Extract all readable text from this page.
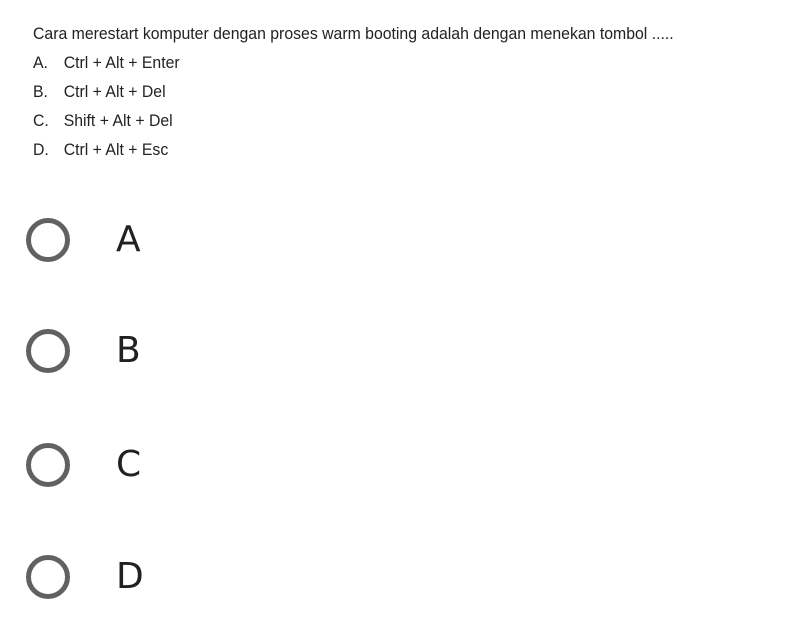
Cara merestart komputer dengan proses warm booting adalah dengan menekan tombol .....
A. Ctrl + Alt + Enter
B. Ctrl + Alt + Del
C. Shift + Alt + Del
D. Ctrl + Alt + Esc
A
B
C
D
